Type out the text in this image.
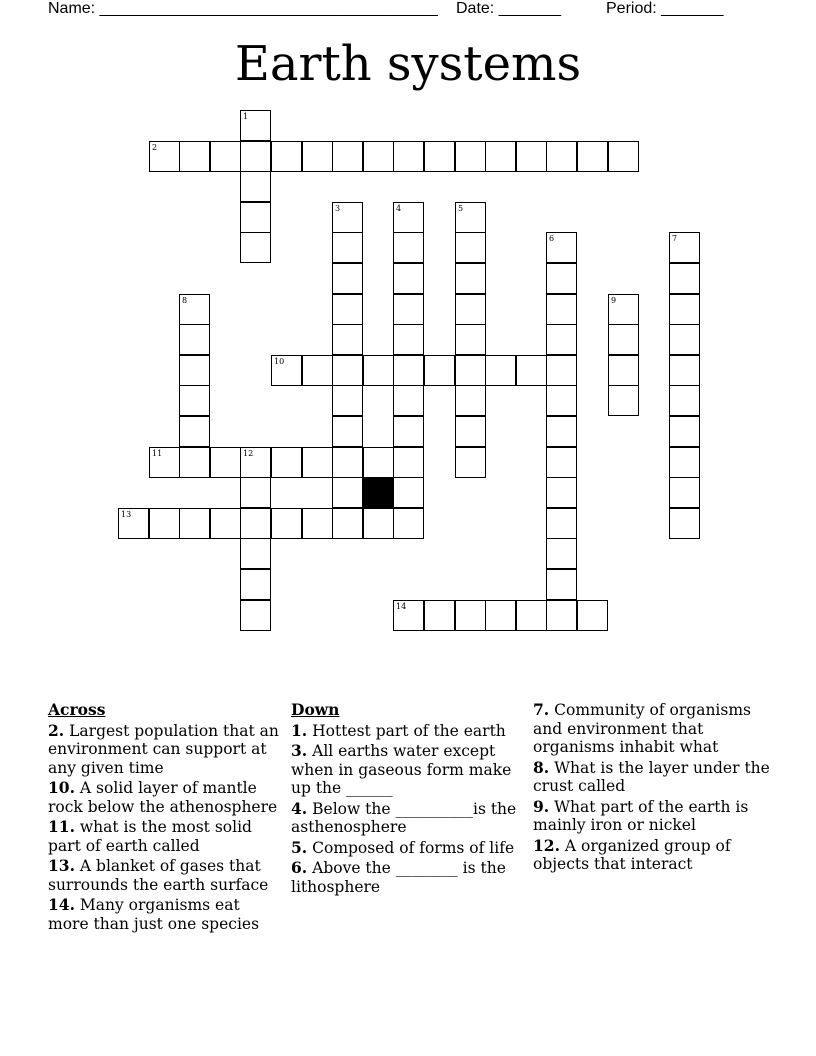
Name: ______________________________________ Date: _______	Period: _______
Earth systems
1
2
3	4	5
6	7
8	9
10
11	12
13
14
Across
2. Largest population that an environment can support at any given time
10. A solid layer of mantle rock below the athenosphere
11. what is the most solid part of earth called
13. A blanket of gases that surrounds the earth surface
14. Many organisms eat more than just one species
Down
1. Hottest part of the earth
3. All earths water except when in gaseous form make up the ______
4. Below the __________is the asthenosphere
5. Composed of forms of life
6. Above the ________ is the lithosphere
7. Community of organisms and environment that organisms inhabit what
8. What is the layer under the crust called
9. What part of the earth is mainly iron or nickel
12. A organized group of objects that interact
